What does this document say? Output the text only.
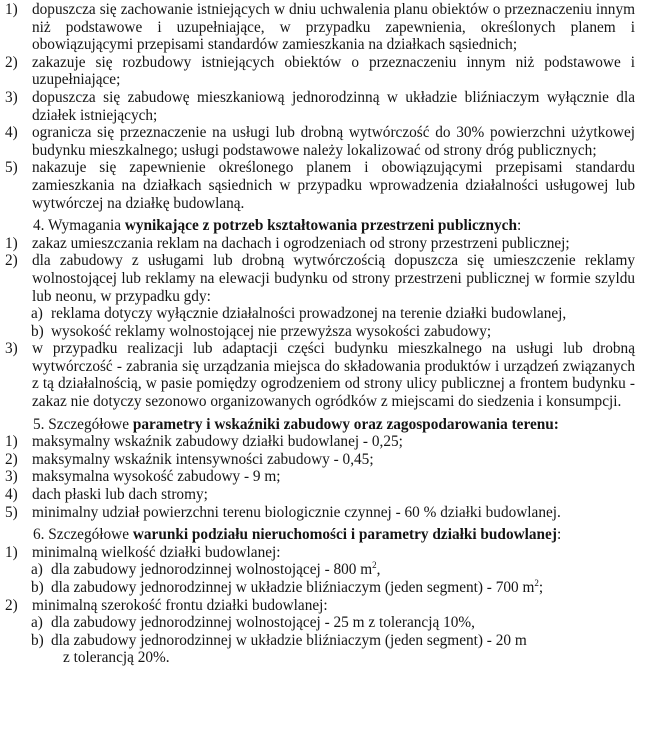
1) dopuszcza się zachowanie istniejących w dniu uchwalenia planu obiektów o przeznaczeniu innym niż podstawowe i uzupełniające, w przypadku zapewnienia, określonych planem i obowiązującymi przepisami standardów zamieszkania na działkach sąsiednich;
2) zakazuje się rozbudowy istniejących obiektów o przeznaczeniu innym niż podstawowe i uzupełniające;
3) dopuszcza się zabudowę mieszkaniową jednorodzinną w układzie bliźniaczym wyłącznie dla działek istniejących;
4) ogranicza się przeznaczenie na usługi lub drobną wytwórczość do 30% powierzchni użytkowej budynku mieszkalnego; usługi podstawowe należy lokalizować od strony dróg publicznych;
5) nakazuje się zapewnienie określonego planem i obowiązującymi przepisami standardu zamieszkania na działkach sąsiednich w przypadku wprowadzenia działalności usługowej lub wytwórczej na działkę budowlaną.
4. Wymagania wynikające z potrzeb kształtowania przestrzeni publicznych:
1) zakaz umieszczania reklam na dachach i ogrodzeniach od strony przestrzeni publicznej;
2) dla zabudowy z usługami lub drobną wytwórczością dopuszcza się umieszczenie reklamy wolnostojącej lub reklamy na elewacji budynku od strony przestrzeni publicznej w formie szyldu lub neonu, w przypadku gdy:
a) reklama dotyczy wyłącznie działalności prowadzonej na terenie działki budowlanej,
b) wysokość reklamy wolnostojącej nie przewyższa wysokości zabudowy;
3) w przypadku realizacji lub adaptacji części budynku mieszkalnego na usługi lub drobną wytwórczość - zabrania się urządzania miejsca do składowania produktów i urządzeń związanych z tą działalnością, w pasie pomiędzy ogrodzeniem od strony ulicy publicznej a frontem budynku - zakaz nie dotyczy sezonowo organizowanych ogródków z miejscami do siedzenia i konsumpcji.
5. Szczegółowe parametry i wskaźniki zabudowy oraz zagospodarowania terenu:
1) maksymalny wskaźnik zabudowy działki budowlanej - 0,25;
2) maksymalny wskaźnik intensywności zabudowy - 0,45;
3) maksymalna wysokość zabudowy - 9 m;
4) dach płaski lub dach stromy;
5) minimalny udział powierzchni terenu biologicznie czynnej - 60 % działki budowlanej.
6. Szczegółowe warunki podziału nieruchomości i parametry działki budowlanej:
1) minimalną wielkość działki budowlanej:
a) dla zabudowy jednorodzinnej wolnostojącej - 800 $m^2$,
b) dla zabudowy jednorodzinnej w układzie bliźniaczym (jeden segment) - 700 $m^2$;
2) minimalną szerokość frontu działki budowlanej:
a) dla zabudowy jednorodzinnej wolnostojącej - 25 m z tolerancją 10%,
b) dla zabudowy jednorodzinnej w układzie bliźniaczym (jeden segment) - 20 m
z tolerancją 20%.
